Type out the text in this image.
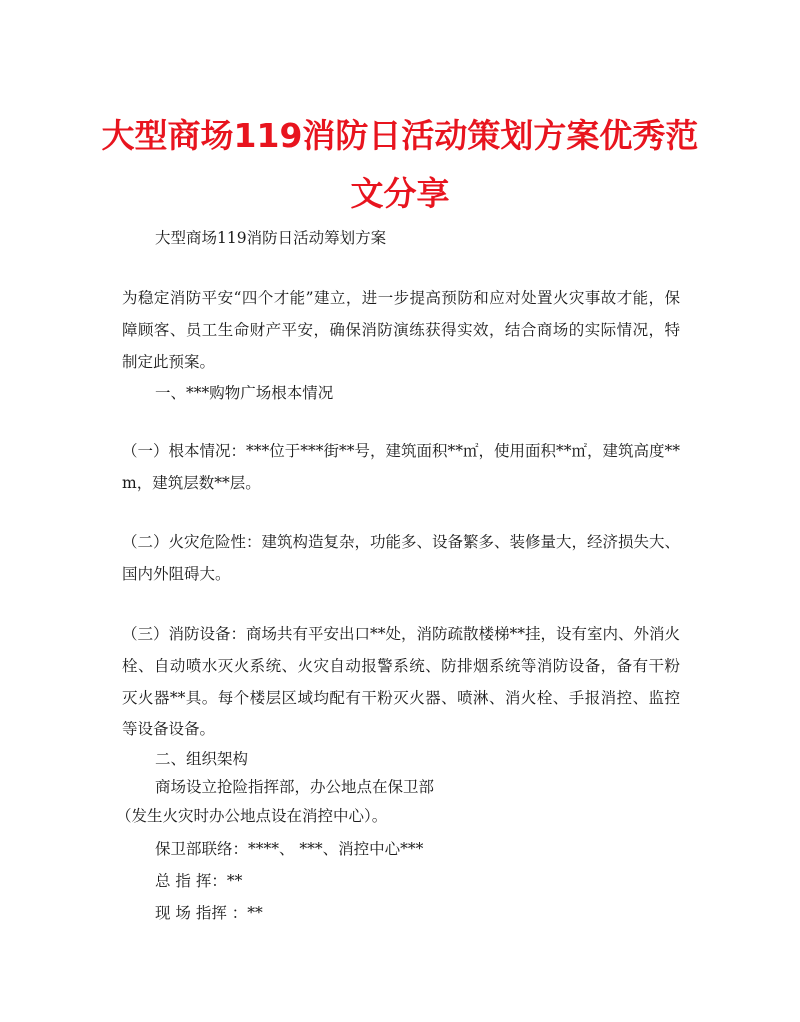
大型商场119消防日活动策划方案优秀范
文分享
大型商场119消防日活动筹划方案
为稳定消防平安“四个才能”建立，进一步提高预防和应对处置火灾事故才能，保
障顾客、员工生命财产平安，确保消防演练获得实效，结合商场的实际情况，特
制定此预案。
一、***购物广场根本情况
（一）根本情况：***位于***街**号，建筑面积**㎡，使用面积**㎡，建筑高度**
m，建筑层数**层。
（二）火灾危险性：建筑构造复杂，功能多、设备繁多、装修量大，经济损失大、
国内外阻碍大。
（三）消防设备：商场共有平安出口**处，消防疏散楼梯**挂，设有室内、外消火
栓、自动喷水灭火系统、火灾自动报警系统、防排烟系统等消防设备，备有干粉
灭火器**具。每个楼层区域均配有干粉灭火器、喷淋、消火栓、手报消控、监控
等设备设备。
二、组织架构
商场设立抢险指挥部，办公地点在保卫部
（发生火灾时办公地点设在消控中心）。
保卫部联络：****、 ***、消控中心***
总 指 挥：**
现 场 指挥 ：**
